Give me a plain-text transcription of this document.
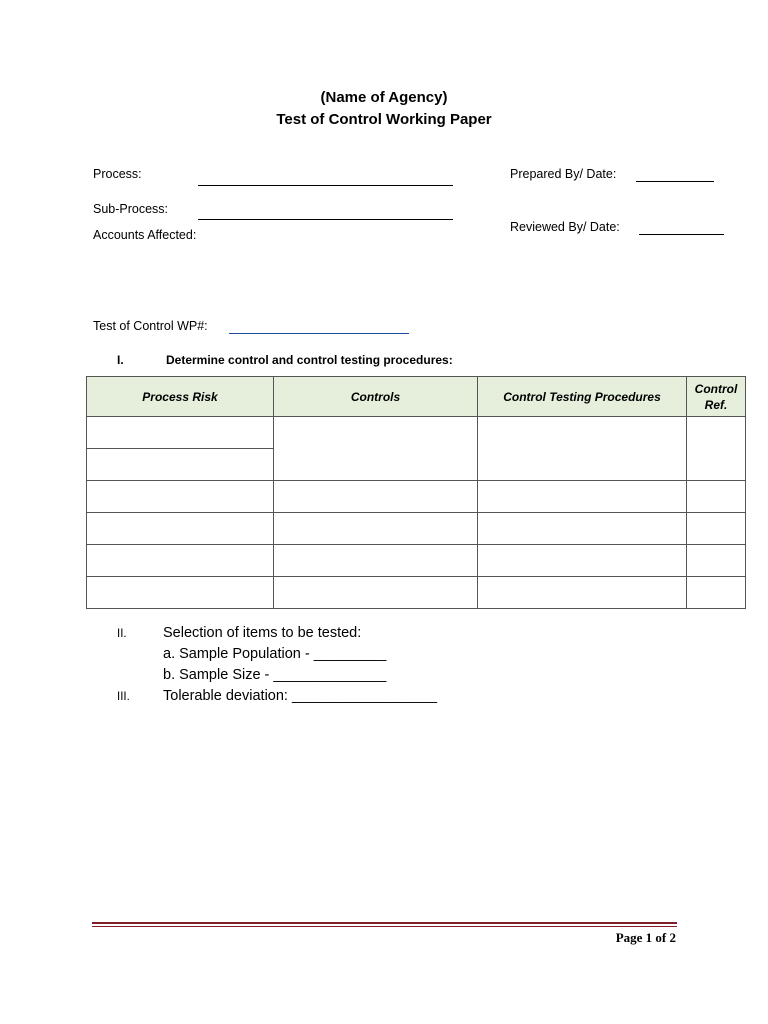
(Name of Agency)
Test of Control Working Paper
Process:
Sub-Process:
Accounts Affected:
Prepared By/ Date:
Reviewed By/ Date:
Test of Control WP#:
I.	Determine control and control testing procedures:
Process Risk	Controls	Control Testing Procedures	Control Ref.

II.	Selection of items to be tested:
a. Sample Population - _________
b. Sample Size - ______________
III. Tolerable deviation: __________________
Page 1 of 2
